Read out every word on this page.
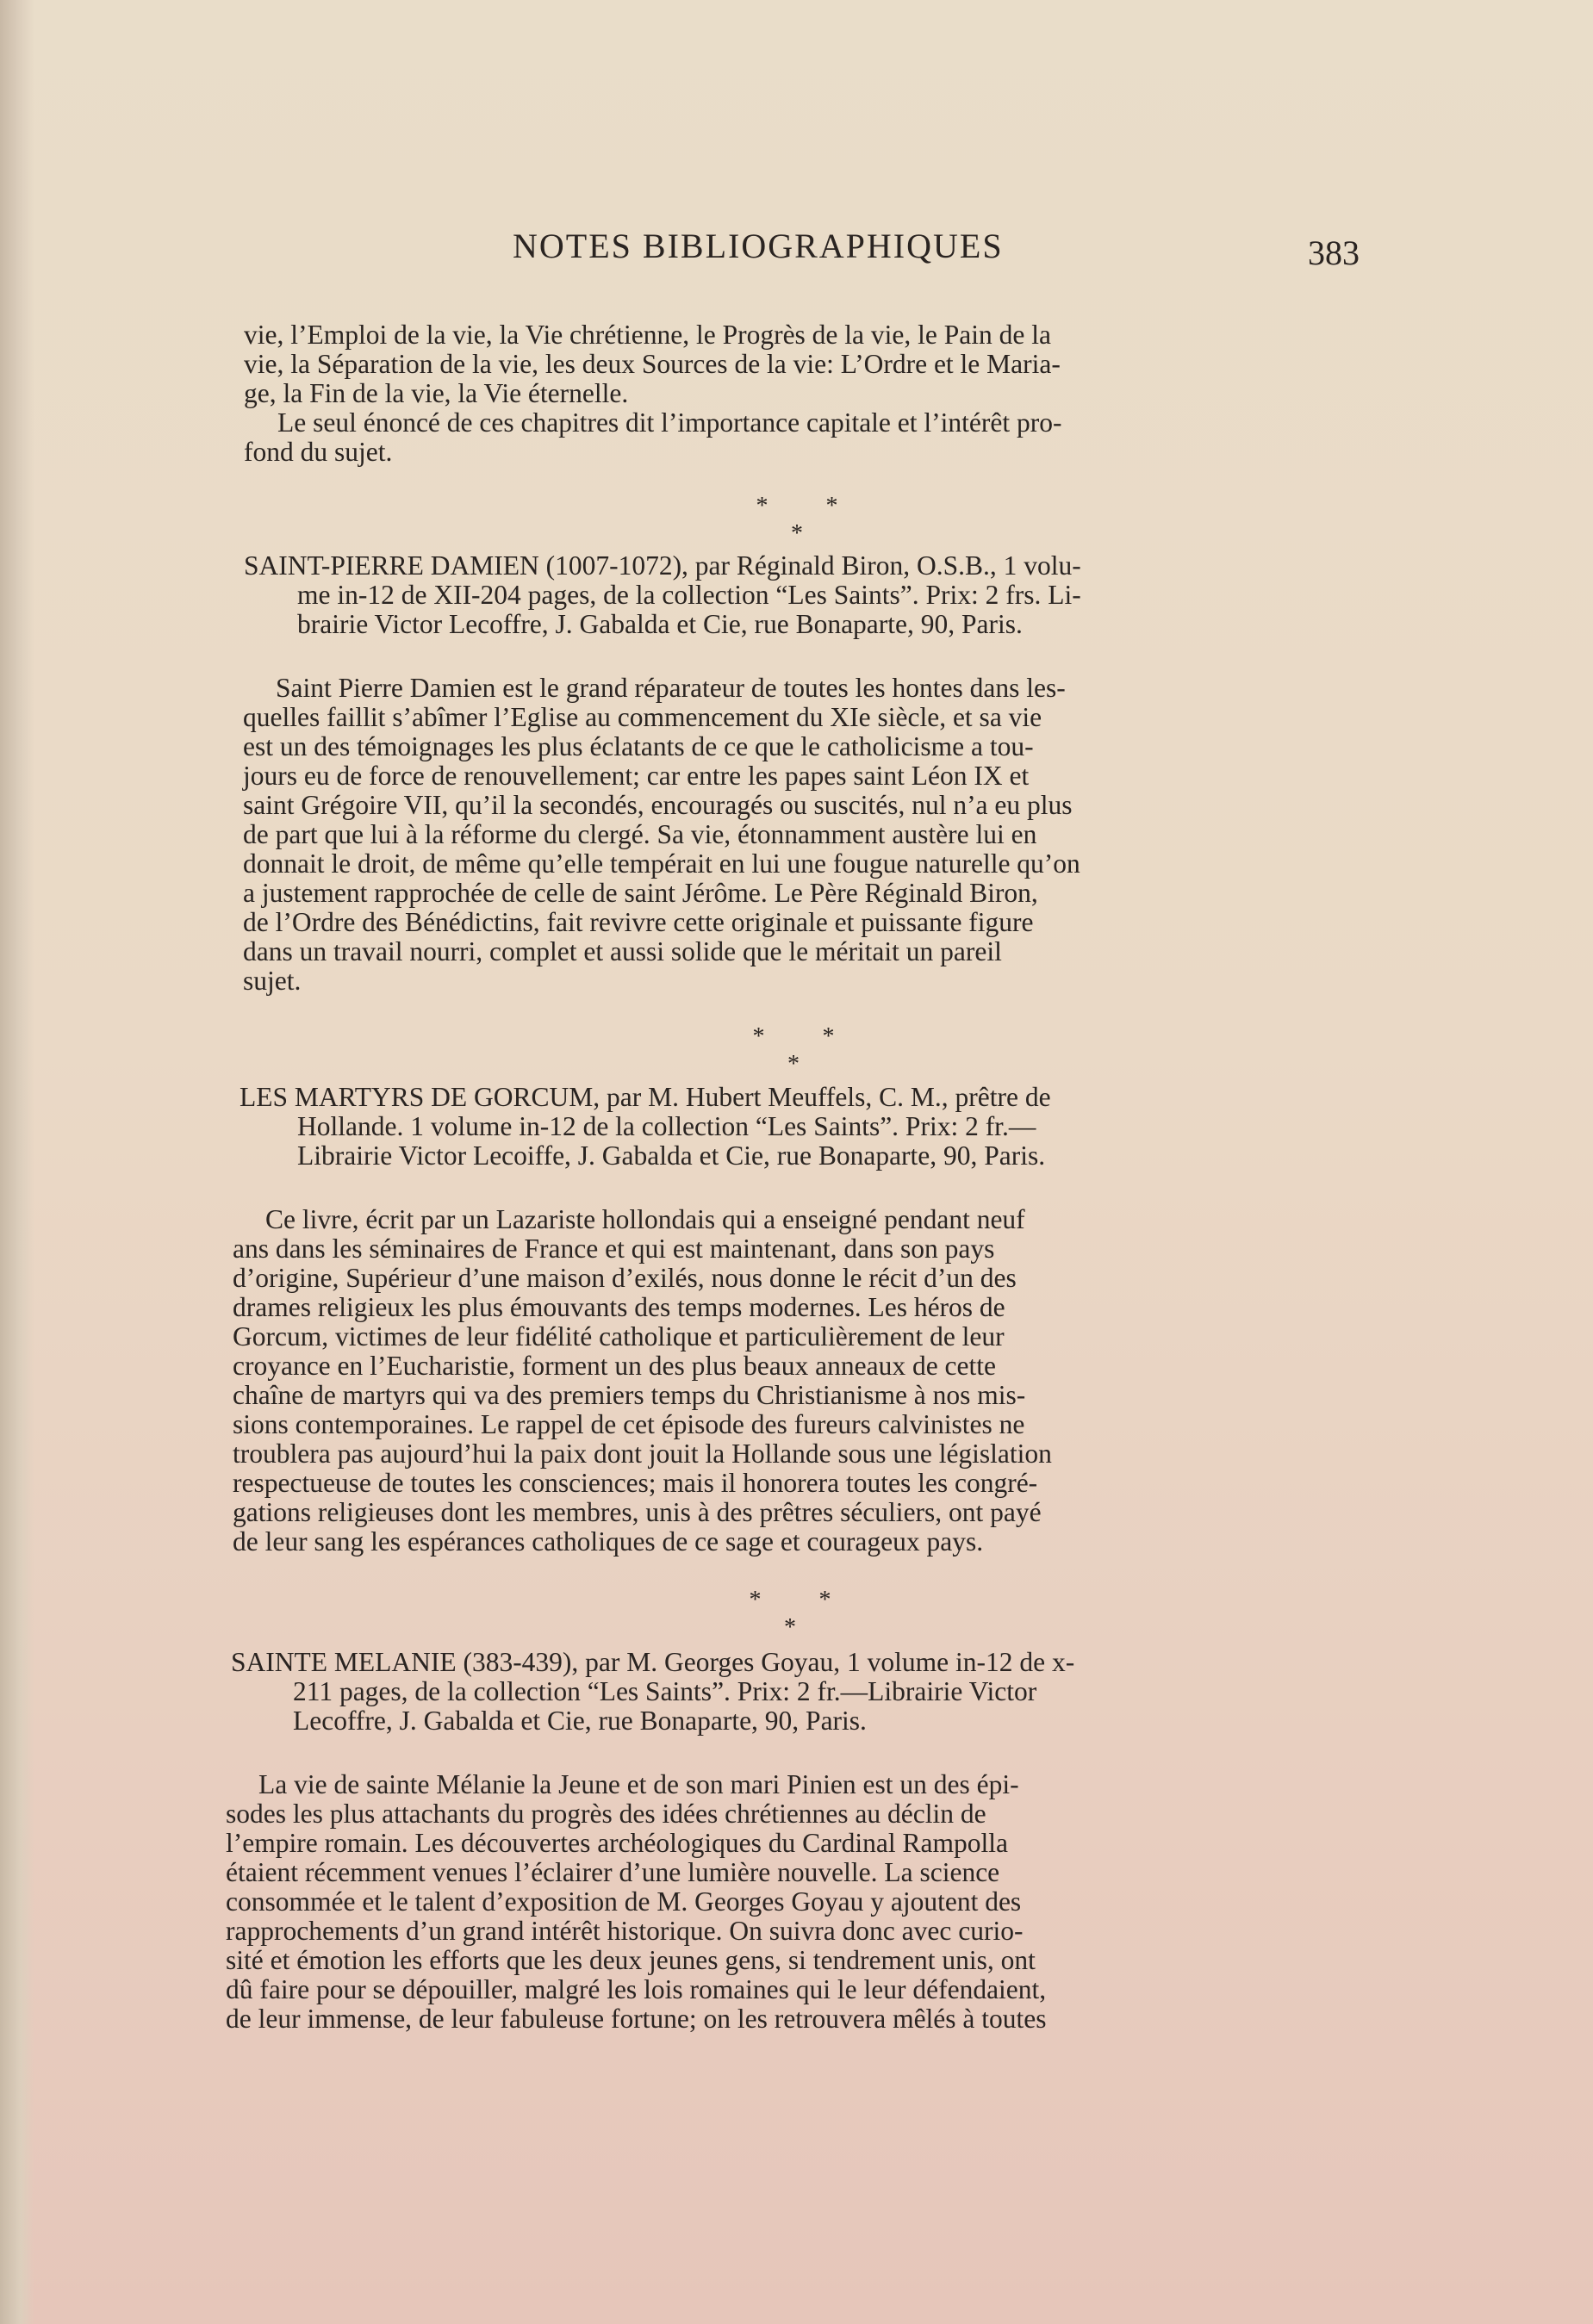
NOTES BIBLIOGRAPHIQUES	383

vie, l’Emploi de la vie, la Vie chrétienne, le Progrès de la vie, le Pain de la

vie, la Séparation de la vie, les deux Sources de la vie: L’Ordre et le Maria-

ge, la Fin de la vie, la Vie éternelle.

Le seul énoncé de ces chapitres dit l’importance capitale et l’intérêt pro-

fond du sujet.

* * *

SAINT-PIERRE DAMIEN (1007-1072), par Réginald Biron, O.S.B., 1 volu-

me in-12 de XII-204 pages, de la collection “Les Saints”. Prix: 2 frs. Li-

brairie Victor Lecoffre, J. Gabalda et Cie, rue Bonaparte, 90, Paris.

Saint Pierre Damien est le grand réparateur de toutes les hontes dans les-

quelles faillit s’abîmer l’Eglise au commencement du XIe siècle, et sa vie

est un des témoignages les plus éclatants de ce que le catholicisme a tou-

jours eu de force de renouvellement; car entre les papes saint Léon IX et

saint Grégoire VII, qu’il la secondés, encouragés ou suscités, nul n’a eu plus

de part que lui à la réforme du clergé. Sa vie, étonnamment austère lui en

donnait le droit, de même qu’elle tempérait en lui une fougue naturelle qu’on

a justement rapprochée de celle de saint Jérôme. Le Père Réginald Biron,

de l’Ordre des Bénédictins, fait revivre cette originale et puissante figure

dans un travail nourri, complet et aussi solide que le méritait un pareil

sujet.

* * *

LES MARTYRS DE GORCUM, par M. Hubert Meuffels, C. M., prêtre de

Hollande. 1 volume in-12 de la collection “Les Saints”. Prix: 2 fr.—

Librairie Victor Lecoiffe, J. Gabalda et Cie, rue Bonaparte, 90, Paris.

Ce livre, écrit par un Lazariste hollondais qui a enseigné pendant neuf

ans dans les séminaires de France et qui est maintenant, dans son pays

d’origine, Supérieur d’une maison d’exilés, nous donne le récit d’un des

drames religieux les plus émouvants des temps modernes. Les héros de

Gorcum, victimes de leur fidélité catholique et particulièrement de leur

croyance en l’Eucharistie, forment un des plus beaux anneaux de cette

chaîne de martyrs qui va des premiers temps du Christianisme à nos mis-

sions contemporaines. Le rappel de cet épisode des fureurs calvinistes ne

troublera pas aujourd’hui la paix dont jouit la Hollande sous une législation

respectueuse de toutes les consciences; mais il honorera toutes les congré-

gations religieuses dont les membres, unis à des prêtres séculiers, ont payé

de leur sang les espérances catholiques de ce sage et courageux pays.

* * *

SAINTE MELANIE (383-439), par M. Georges Goyau, 1 volume in-12 de x-

211 pages, de la collection “Les Saints”. Prix: 2 fr.—Librairie Victor

Lecoffre, J. Gabalda et Cie, rue Bonaparte, 90, Paris.

La vie de sainte Mélanie la Jeune et de son mari Pinien est un des épi-

sodes les plus attachants du progrès des idées chrétiennes au déclin de

l’empire romain. Les découvertes archéologiques du Cardinal Rampolla

étaient récemment venues l’éclairer d’une lumière nouvelle. La science

consommée et le talent d’exposition de M. Georges Goyau y ajoutent des

rapprochements d’un grand intérêt historique. On suivra donc avec curio-

sité et émotion les efforts que les deux jeunes gens, si tendrement unis, ont

dû faire pour se dépouiller, malgré les lois romaines qui le leur défendaient,

de leur immense, de leur fabuleuse fortune; on les retrouvera mêlés à toutes
